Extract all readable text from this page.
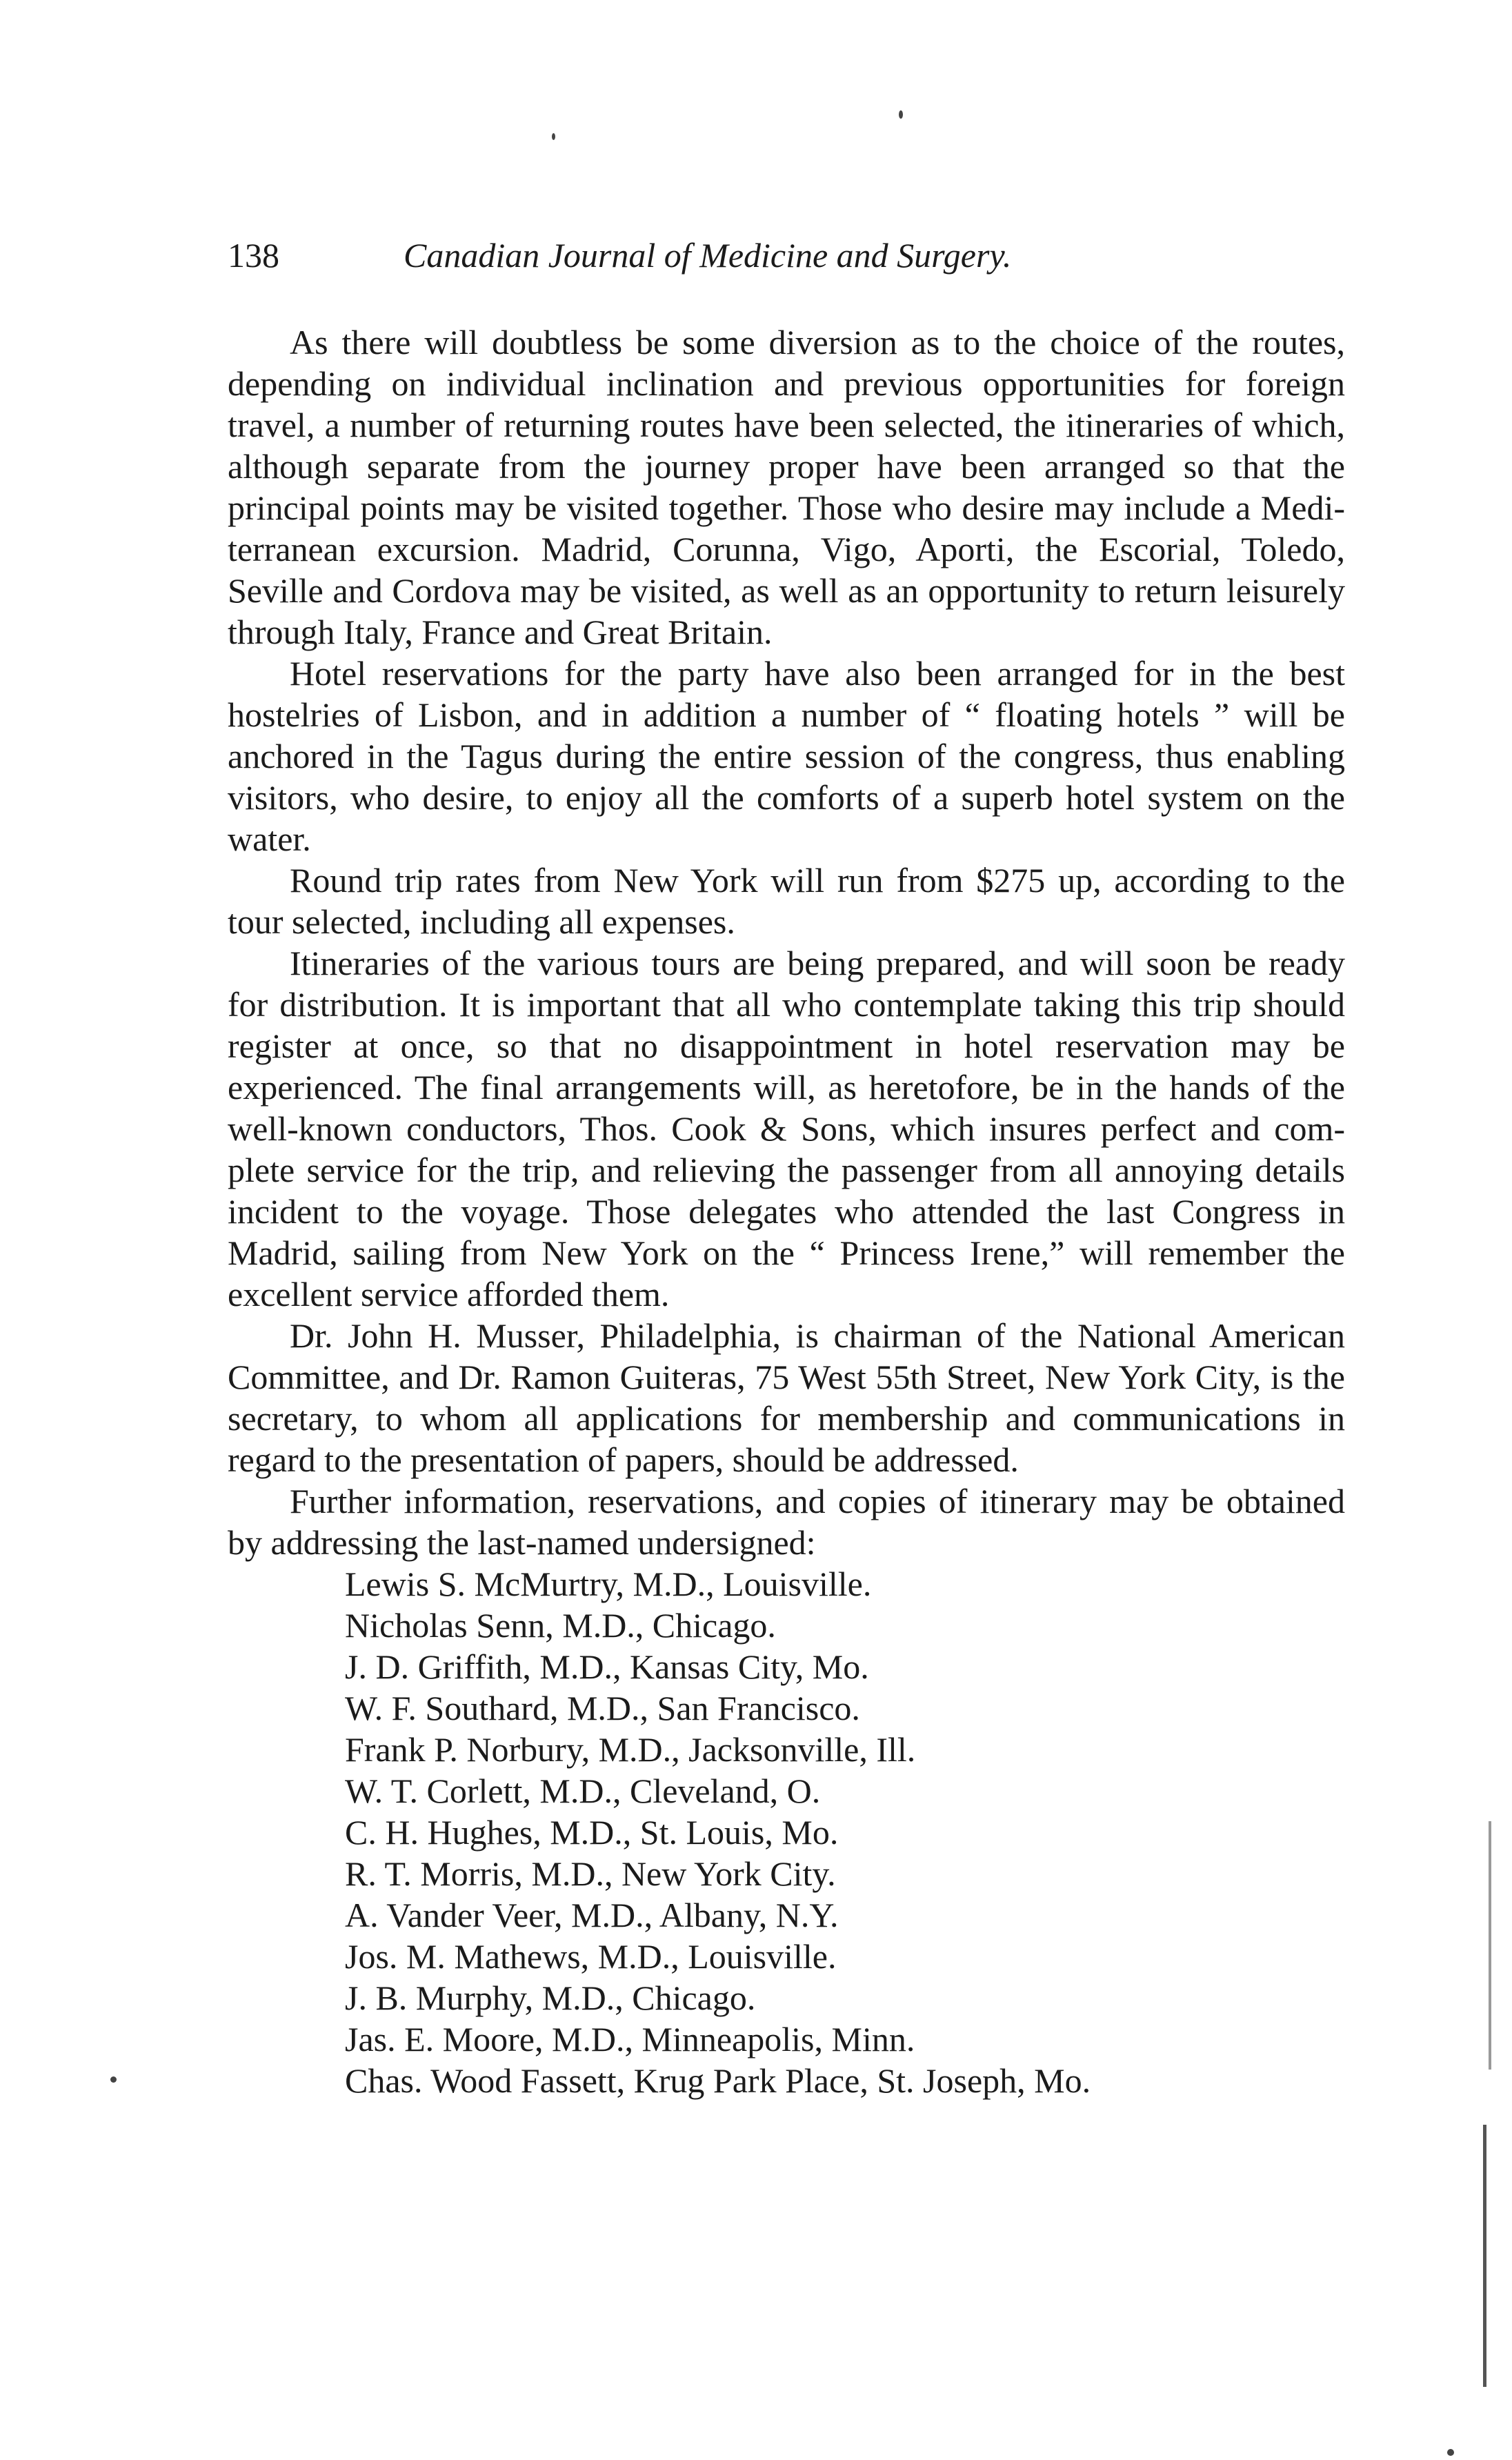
138	Canadian Journal of Medicine and Surgery.

As there will doubtless be some diversion as to the choice of the routes, depending on individual inclination and previous opportunities for foreign travel, a number of returning routes have been selected, the itineraries of which, although separate from the journey proper have been arranged so that the principal points may be visited together. Those who desire may include a Mediterranean excursion. Madrid, Corunna, Vigo, Aporti, the Escorial, Toledo, Seville and Cordova may be visited, as well as an opportunity to return leisurely through Italy, France and Great Britain.

Hotel reservations for the party have also been arranged for in the best hostelries of Lisbon, and in addition a number of “ floating hotels ” will be anchored in the Tagus during the entire session of the congress, thus enabling visitors, who desire, to enjoy all the comforts of a superb hotel system on the water.

Round trip rates from New York will run from $275 up, according to the tour selected, including all expenses.

Itineraries of the various tours are being prepared, and will soon be ready for distribution. It is important that all who contemplate taking this trip should register at once, so that no disappointment in hotel reservation may be experienced. The final arrangements will, as heretofore, be in the hands of the well-known conductors, Thos. Cook & Sons, which insures perfect and complete service for the trip, and relieving the passenger from all annoying details incident to the voyage. Those delegates who attended the last Congress in Madrid, sailing from New York on the “ Princess Irene,” will remember the excellent service afforded them.

Dr. John H. Musser, Philadelphia, is chairman of the National American Committee, and Dr. Ramon Guiteras, 75 West 55th Street, New York City, is the secretary, to whom all applications for membership and communications in regard to the presentation of papers, should be addressed.

Further information, reservations, and copies of itinerary may be obtained by addressing the last-named undersigned:

Lewis S. McMurtry, M.D., Louisville.
Nicholas Senn, M.D., Chicago.
J. D. Griffith, M.D., Kansas City, Mo.
W. F. Southard, M.D., San Francisco.
Frank P. Norbury, M.D., Jacksonville, Ill.
W. T. Corlett, M.D., Cleveland, O.
C. H. Hughes, M.D., St. Louis, Mo.
R. T. Morris, M.D., New York City.
A. Vander Veer, M.D., Albany, N.Y.
Jos. M. Mathews, M.D., Louisville.
J. B. Murphy, M.D., Chicago.
Jas. E. Moore, M.D., Minneapolis, Minn.
Chas. Wood Fassett, Krug Park Place, St. Joseph, Mo.
